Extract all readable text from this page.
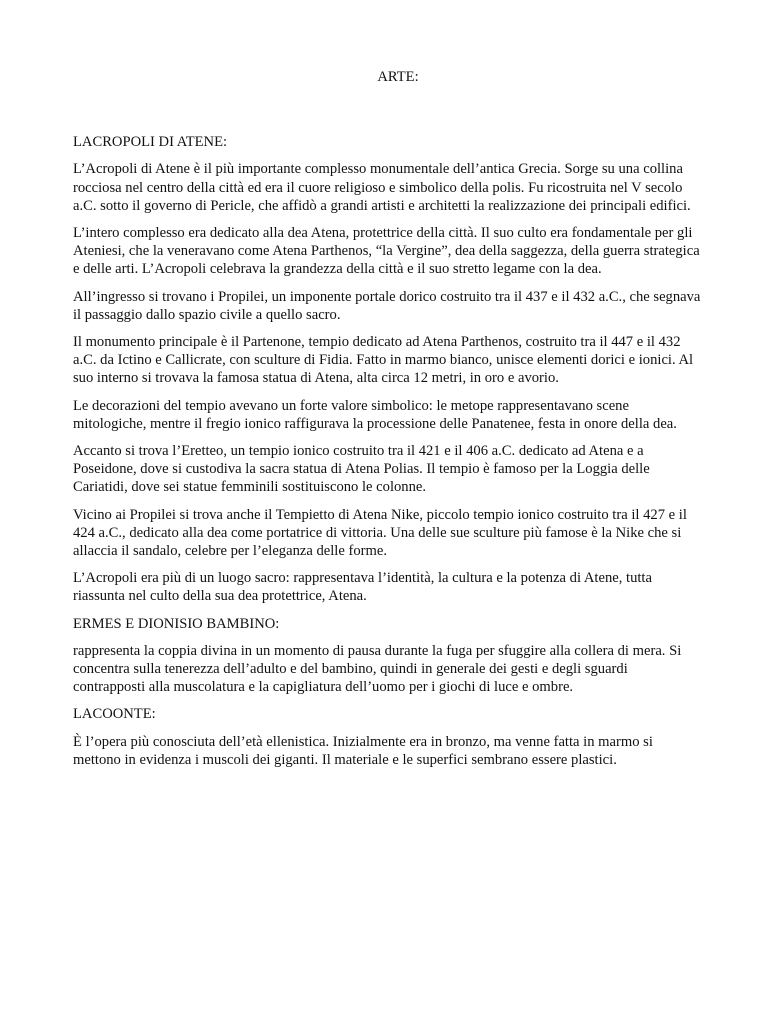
ARTE:
LACROPOLI DI ATENE:

L’Acropoli di Atene è il più importante complesso monumentale dell’antica Grecia. Sorge su una collina rocciosa nel centro della città ed era il cuore religioso e simbolico della polis. Fu ricostruita nel V secolo a.C. sotto il governo di Pericle, che affidò a grandi artisti e architetti la realizzazione dei principali edifici.

L’intero complesso era dedicato alla dea Atena, protettrice della città. Il suo culto era fondamentale per gli Ateniesi, che la veneravano come Atena Parthenos, “la Vergine”, dea della saggezza, della guerra strategica e delle arti. L’Acropoli celebrava la grandezza della città e il suo stretto legame con la dea.

All’ingresso si trovano i Propilei, un imponente portale dorico costruito tra il 437 e il 432 a.C., che segnava il passaggio dallo spazio civile a quello sacro.

Il monumento principale è il Partenone, tempio dedicato ad Atena Parthenos, costruito tra il 447 e il 432 a.C. da Ictino e Callicrate, con sculture di Fidia. Fatto in marmo bianco, unisce elementi dorici e ionici. Al suo interno si trovava la famosa statua di Atena, alta circa 12 metri, in oro e avorio.

Le decorazioni del tempio avevano un forte valore simbolico: le metope rappresentavano scene mitologiche, mentre il fregio ionico raffigurava la processione delle Panatenee, festa in onore della dea.

Accanto si trova l’Eretteo, un tempio ionico costruito tra il 421 e il 406 a.C. dedicato ad Atena e a Poseidone, dove si custodiva la sacra statua di Atena Polias. Il tempio è famoso per la Loggia delle Cariatidi, dove sei statue femminili sostituiscono le colonne.

Vicino ai Propilei si trova anche il Tempietto di Atena Nike, piccolo tempio ionico costruito tra il 427 e il 424 a.C., dedicato alla dea come portatrice di vittoria. Una delle sue sculture più famose è la Nike che si allaccia il sandalo, celebre per l’eleganza delle forme.

L’Acropoli era più di un luogo sacro: rappresentava l’identità, la cultura e la potenza di Atene, tutta riassunta nel culto della sua dea protettrice, Atena.

ERMES E DIONISIO BAMBINO:

rappresenta la coppia divina in un momento di pausa durante la fuga per sfuggire alla collera di mera. Si concentra sulla tenerezza dell’adulto e del bambino, quindi in generale dei gesti e degli sguardi contrapposti alla muscolatura e la capigliatura dell’uomo per i giochi di luce e ombre.

LACOONTE:

È l’opera più conosciuta dell’età ellenistica. Inizialmente era in bronzo, ma venne fatta in marmo si mettono in evidenza i muscoli dei giganti. Il materiale e le superfici sembrano essere plastici.
